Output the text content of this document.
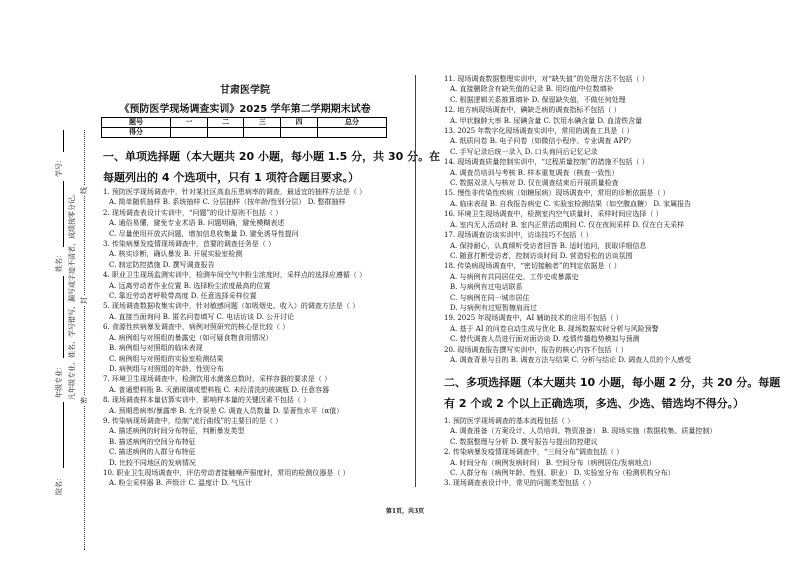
院名：
年级专业：
姓名：
学号：
凡年级专业、姓名、学号错写、漏写或字迹不清者，成绩按零分记。
密
封
线
甘肃医学院
《预防医学现场调查实训》2025 学年第二学期期末试卷
题号	一	二	三	四	总分
得分					
一、单项选择题（本大题共 20 小题，每小题 1.5 分，共 30 分。在
每题列出的 4 个选项中，只有 1 项符合题目要求。）
1. 预防医学现场调查中，针对某社区高血压患病率的调查，最适宜的抽样方法是（ ）
A. 简单随机抽样 B. 系统抽样 C. 分层抽样（按年龄/性别分层） D. 整群抽样
2. 现场调查表设计实训中，“问题”的设计原则不包括（ ）
A. 通俗易懂，避免专业术语 B. 问题明确，避免模糊表述
C. 尽量使用开放式问题，增加信息收集量 D. 避免诱导性提问
3. 传染病暴发疫情现场调查中，首要的调查任务是（ ）
A. 核实诊断，确认暴发 B. 开展实验室检测
C. 制定防控措施 D. 撰写调查报告
4. 职业卫生现场监测实训中，检测车间空气中粉尘浓度时，采样点的选择应遵循（ ）
A. 远离劳动者作业位置 B. 选择粉尘浓度最高的位置
C. 靠近劳动者呼吸带高度 D. 任意选择采样位置
5. 现场调查数据收集实训中，针对敏感问题（如吸烟史、收入）的调查方法是（ ）
A. 直接当面询问 B. 匿名问卷填写 C. 电话访谈 D. 公开讨论
6. 食源性疾病暴发调查中，病例对照研究的核心是比较（ ）
A. 病例组与对照组的暴露史（如可疑食物食用情况）
B. 病例组与对照组的临床表现
C. 病例组与对照组的实验室检测结果
D. 病例组与对照组的年龄、性别分布
7. 环境卫生现场调查中，检测饮用水菌落总数时，采样容器的要求是（ ）
A. 普通塑料瓶 B. 灭菌玻璃或塑料瓶 C. 未经清洗的玻璃瓶 D. 任意容器
8. 现场调查样本量估算实训中，影响样本量的关键因素不包括（ ）
A. 预期患病率/暴露率 B. 允许误差 C. 调查人员数量 D. 显著性水平（α值）
9. 传染病现场调查中，绘制“流行曲线”的主要目的是（ ）
A. 描述病例的时间分布特征，判断暴发类型
B. 描述病例的空间分布特征
C. 描述病例的人群分布特征
D. 比较不同地区的发病情况
10. 职业卫生现场调查中，评估劳动者接触噪声强度时，常用的检测仪器是（ ）
A. 粉尘采样器 B. 声级计 C. 温度计 D. 气压计
11. 现场调查数据整理实训中，对“缺失值”的处理方法不包括（ ）
A. 直接删除含有缺失值的记录 B. 用均值/中位数填补
C. 根据逻辑关系推算填补 D. 保留缺失值，不做任何处理
12. 地方病现场调查中，碘缺乏病的调查指标不包括（ ）
A. 甲状腺肿大率 B. 尿碘含量 C. 饮用水碘含量 D. 血清铁含量
13. 2025 年数字化现场调查实训中，常用的调查工具是（ ）
A. 纸质问卷 B. 电子问卷（如微信小程序、专业调查 APP）
C. 手写记录后统一录入 D. 口头询问后记忆记录
14. 现场调查质量控制实训中，“过程质量控制”的措施不包括（ ）
A. 调查员培训与考核 B. 样本重复调查（核查一致性）
C. 数据双录入与核对 D. 仅在调查结束后开展质量检查
15. 慢性非传染性疾病（如糖尿病）现场调查中，常用的诊断依据是（ ）
A. 临床表现 B. 自我报告病史 C. 实验室检测结果（如空腹血糖） D. 家属报告
16. 环境卫生现场调查中，检测室内空气质量时，采样时间应选择（ ）
A. 室内无人活动时 B. 室内正常活动期间 C. 仅在夜间采样 D. 仅在白天采样
17. 现场调查访谈实训中，访谈技巧不包括（ ）
A. 保持耐心，认真倾听受访者回答 B. 适时追问，获取详细信息
C. 随意打断受访者，控制访谈时间 D. 营造轻松的访谈氛围
18. 传染病现场调查中，“密切接触者”的判定依据是（ ）
A. 与病例有共同居住史、工作史或暴露史
B. 与病例有过电话联系
C. 与病例在同一城市居住
D. 与病例有过短暂擦肩而过
19. 2025 年现场调查中，AI 辅助技术的应用不包括（ ）
A. 基于 AI 的问卷自动生成与优化 B. 现场数据实时分析与风险预警
C. 替代调查人员进行面对面访谈 D. 疫情传播趋势模拟与预测
20. 现场调查报告撰写实训中，报告的核心内容不包括（ ）
A. 调查背景与目的 B. 调查方法与结果 C. 分析与结论 D. 调查人员的个人感受
二、多项选择题（本大题共 10 小题，每小题 2 分，共 20 分。每题
有 2 个或 2 个以上正确选项，多选、少选、错选均不得分。）
1. 预防医学现场调查的基本流程包括（ ）
A. 调查准备（方案设计、人员培训、物资准备） B. 现场实施（数据收集、质量控制）
C. 数据整理与分析 D. 撰写报告与提出防控建议
2. 传染病暴发疫情现场调查中，“三间分布”调查包括（ ）
A. 时间分布（病例发病时间） B. 空间分布（病例居住/发病地点）
C. 人群分布（病例年龄、性别、职业） D. 实验室分布（检测机构分布）
3. 现场调查表设计中，常见的问题类型包括（ ）
第1页，共3页
